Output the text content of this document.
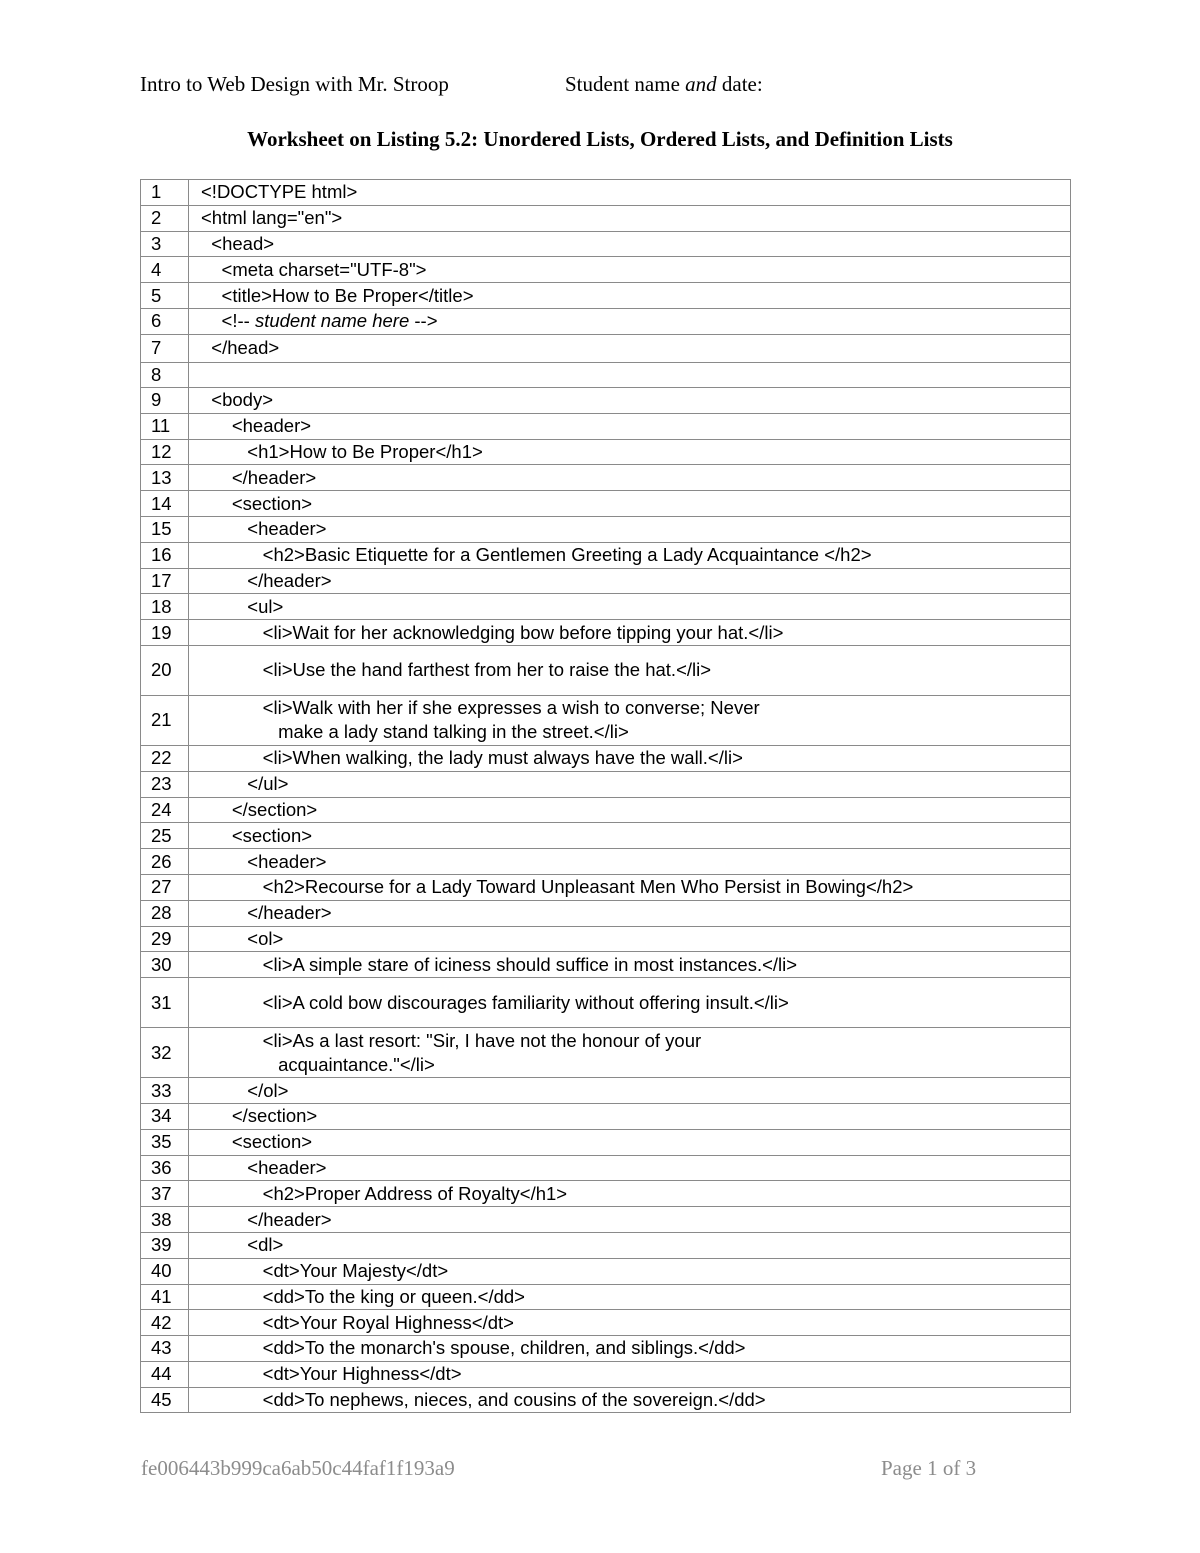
Intro to Web Design with Mr. Stroop	Student name and date:
Worksheet on Listing 5.2: Unordered Lists, Ordered Lists, and Definition Lists
1	<!DOCTYPE html>
2	<html lang="en">
3	<head>
4	<meta charset="UTF-8">
5	<title>How to Be Proper</title>
6	<!-- student name here -->
7	</head>
8	
9	<body>
11	<header>
12	<h1>How to Be Proper</h1>
13	</header>
14	<section>
15	<header>
16	<h2>Basic Etiquette for a Gentlemen Greeting a Lady Acquaintance </h2>
17	</header>
18	<ul>
19	<li>Wait for her acknowledging bow before tipping your hat.</li>
20	<li>Use the hand farthest from her to raise the hat.</li>
21	<li>Walk with her if she expresses a wish to converse; Never
make a lady stand talking in the street.</li>
22	<li>When walking, the lady must always have the wall.</li>
23	</ul>
24	</section>
25	<section>
26	<header>
27	<h2>Recourse for a Lady Toward Unpleasant Men Who Persist in Bowing</h2>
28	</header>
29	<ol>
30	<li>A simple stare of iciness should suffice in most instances.</li>
31	<li>A cold bow discourages familiarity without offering insult.</li>
32	<li>As a last resort: "Sir, I have not the honour of your
acquaintance."</li>
33	</ol>
34	</section>
35	<section>
36	<header>
37	<h2>Proper Address of Royalty</h1>
38	</header>
39	<dl>
40	<dt>Your Majesty</dt>
41	<dd>To the king or queen.</dd>
42	<dt>Your Royal Highness</dt>
43	<dd>To the monarch's spouse, children, and siblings.</dd>
44	<dt>Your Highness</dt>
45	<dd>To nephews, nieces, and cousins of the sovereign.</dd>
fe006443b999ca6ab50c44faf1f193a9	Page 1 of 3
